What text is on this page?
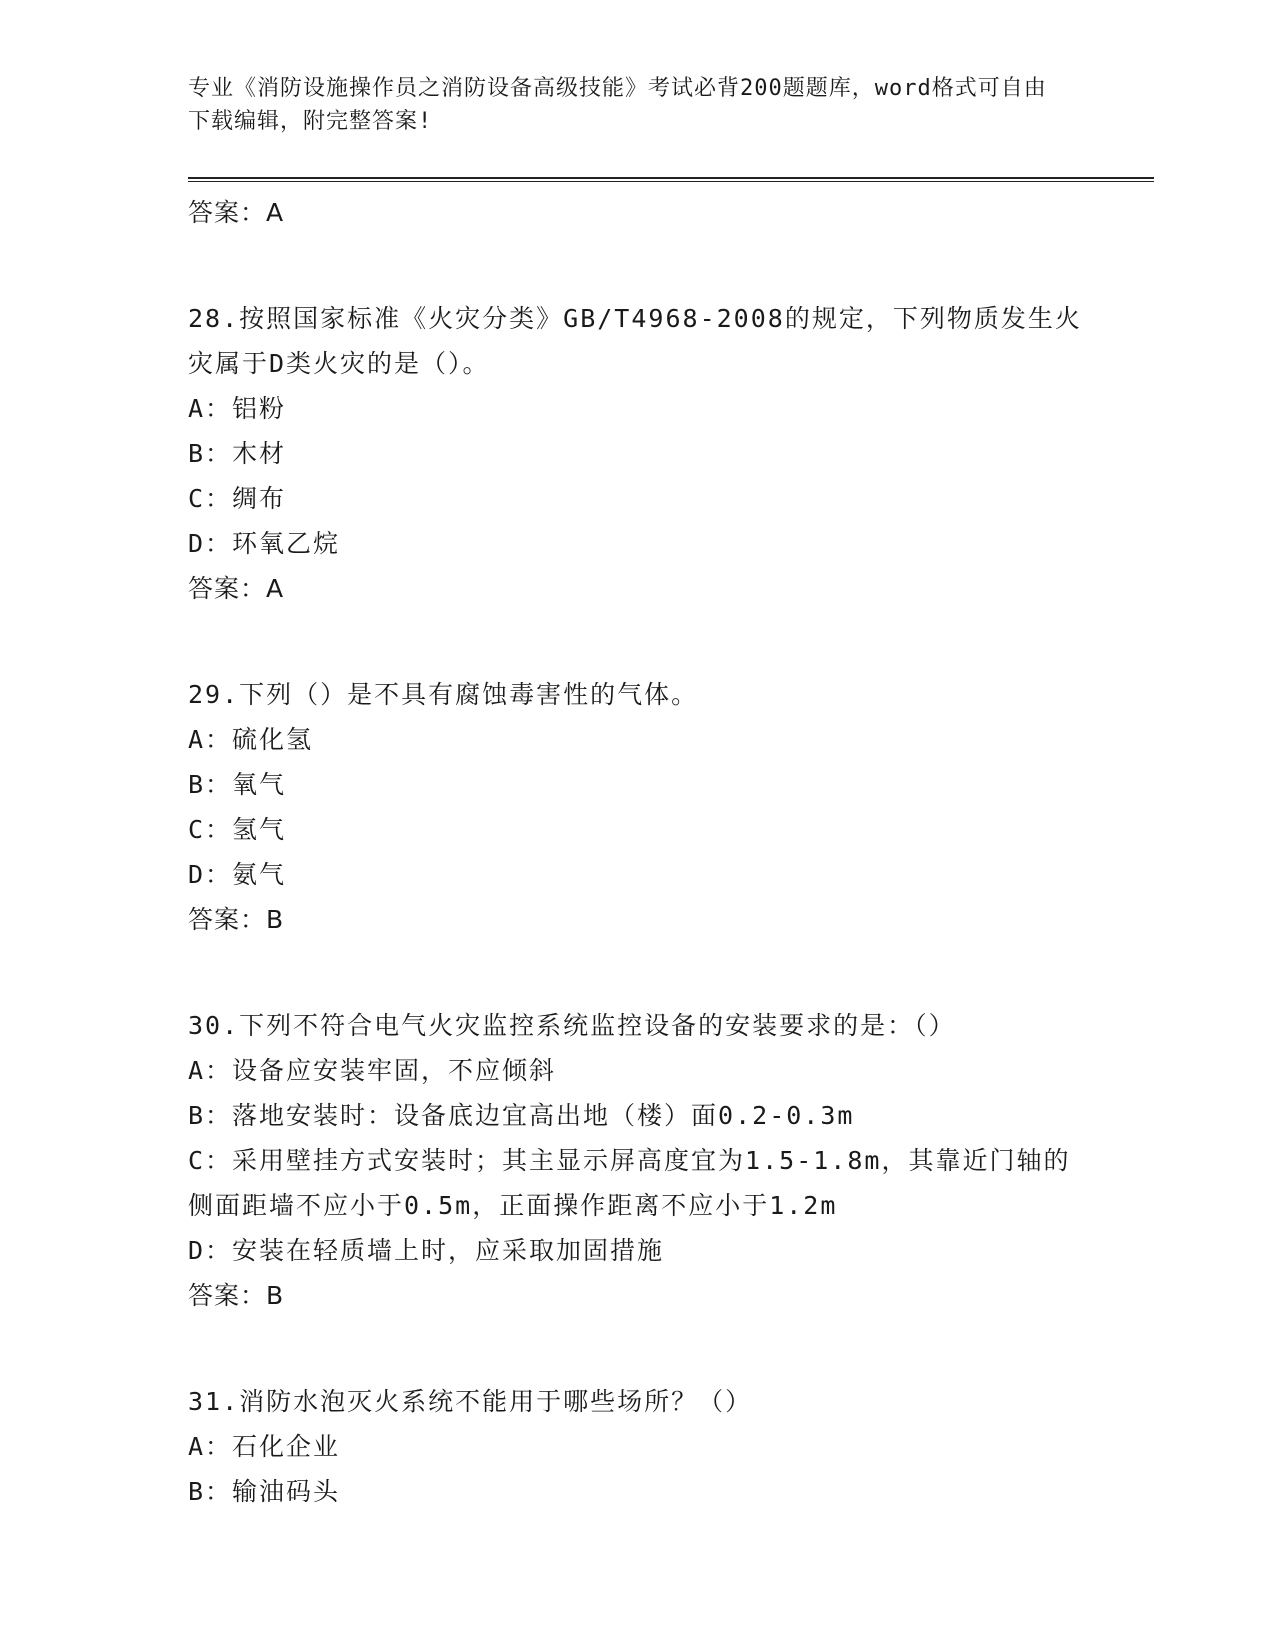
专业《消防设施操作员之消防设备高级技能》考试必背200题题库，word格式可自由下载编辑，附完整答案!
答案：A
28.按照国家标准《火灾分类》GB/T4968-2008的规定，下列物质发生火灾属于D类火灾的是（）。
A：铝粉
B：木材
C：绸布
D：环氧乙烷
答案：A
29.下列（）是不具有腐蚀毒害性的气体。
A：硫化氢
B：氧气
C：氢气
D：氨气
答案：B
30.下列不符合电气火灾监控系统监控设备的安装要求的是：（）
A：设备应安装牢固，不应倾斜
B：落地安装时：设备底边宜高出地（楼）面0.2-0.3m
C：采用壁挂方式安装时；其主显示屏高度宜为1.5-1.8m，其靠近门轴的侧面距墙不应小于0.5m，正面操作距离不应小于1.2m
D：安装在轻质墙上时，应采取加固措施
答案：B
31.消防水泡灭火系统不能用于哪些场所？（）
A：石化企业
B：输油码头
